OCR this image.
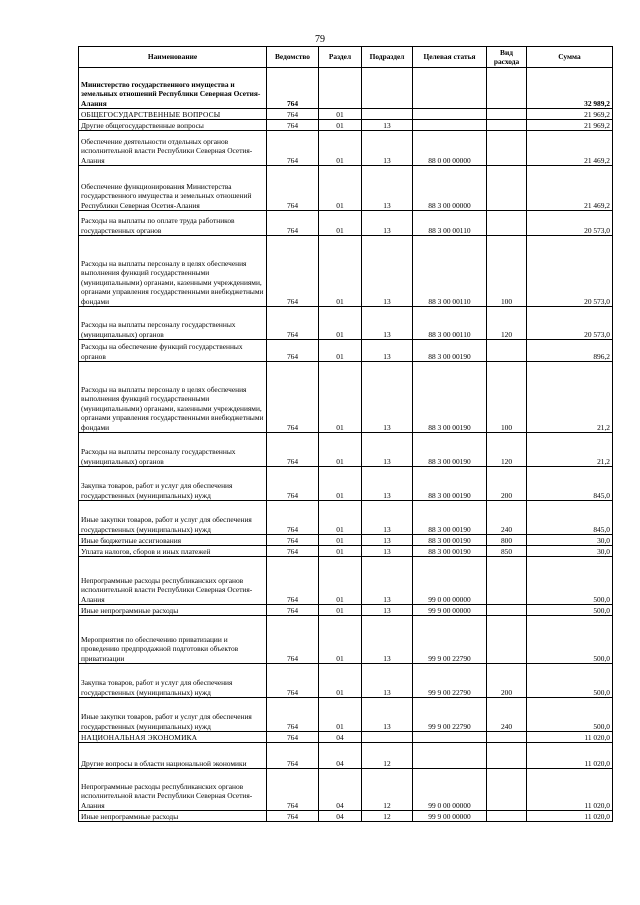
79
Наименование	Ведомство	Раздел	Подраздел	Целевая статья	Вид расхода	Сумма
Министерство государственного имущества и земельных отношений Республики Северная Осетия-Алания	764					32 989,2
ОБЩЕГОСУДАРСТВЕННЫЕ ВОПРОСЫ	764	01				21 969,2
Другие общегосударственные вопросы	764	01	13			21 969,2
Обеспечение деятельности отдельных органов исполнительной власти Республики Северная Осетия-Алания	764	01	13	88 0 00 00000		21 469,2
Обеспечение функционирования Министерства государственного имущества и земельных отношений Республики Северная Осетия-Алания	764	01	13	88 3 00 00000		21 469,2
Расходы на выплаты по оплате труда работников государственных органов	764	01	13	88 3 00 00110		20 573,0
Расходы на выплаты персоналу в целях обеспечения выполнения функций государственными (муниципальными) органами, казенными учреждениями, органами управления государственными внебюджетными фондами	764	01	13	88 3 00 00110	100	20 573,0
Расходы на выплаты персоналу государственных (муниципальных) органов	764	01	13	88 3 00 00110	120	20 573,0
Расходы на обеспечение функций государственных органов	764	01	13	88 3 00 00190		896,2
Расходы на выплаты персоналу в целях обеспечения выполнения функций государственными (муниципальными) органами, казенными учреждениями, органами управления государственными внебюджетными фондами	764	01	13	88 3 00 00190	100	21,2
Расходы на выплаты персоналу государственных (муниципальных) органов	764	01	13	88 3 00 00190	120	21,2
Закупка товаров, работ и услуг для обеспечения государственных (муниципальных) нужд	764	01	13	88 3 00 00190	200	845,0
Иные закупки товаров, работ и услуг для обеспечения государственных (муниципальных) нужд	764	01	13	88 3 00 00190	240	845,0
Иные бюджетные ассигнования	764	01	13	88 3 00 00190	800	30,0
Уплата налогов, сборов и иных платежей	764	01	13	88 3 00 00190	850	30,0
Непрограммные расходы республиканских органов исполнительной власти Республики Северная Осетия-Алания	764	01	13	99 0 00 00000		500,0
Иные непрограммные расходы	764	01	13	99 9 00 00000		500,0
Мероприятия по обеспечению приватизации и проведению предпродажной подготовки объектов приватизации	764	01	13	99 9 00 22790		500,0
Закупка товаров, работ и услуг для обеспечения государственных (муниципальных) нужд	764	01	13	99 9 00 22790	200	500,0
Иные закупки товаров, работ и услуг для обеспечения государственных (муниципальных) нужд	764	01	13	99 9 00 22790	240	500,0
НАЦИОНАЛЬНАЯ ЭКОНОМИКА	764	04				11 020,0
Другие вопросы в области национальной экономики	764	04	12			11 020,0
Непрограммные расходы республиканских органов исполнительной власти Республики Северная Осетия-Алания	764	04	12	99 0 00 00000		11 020,0
Иные непрограммные расходы	764	04	12	99 9 00 00000		11 020,0
